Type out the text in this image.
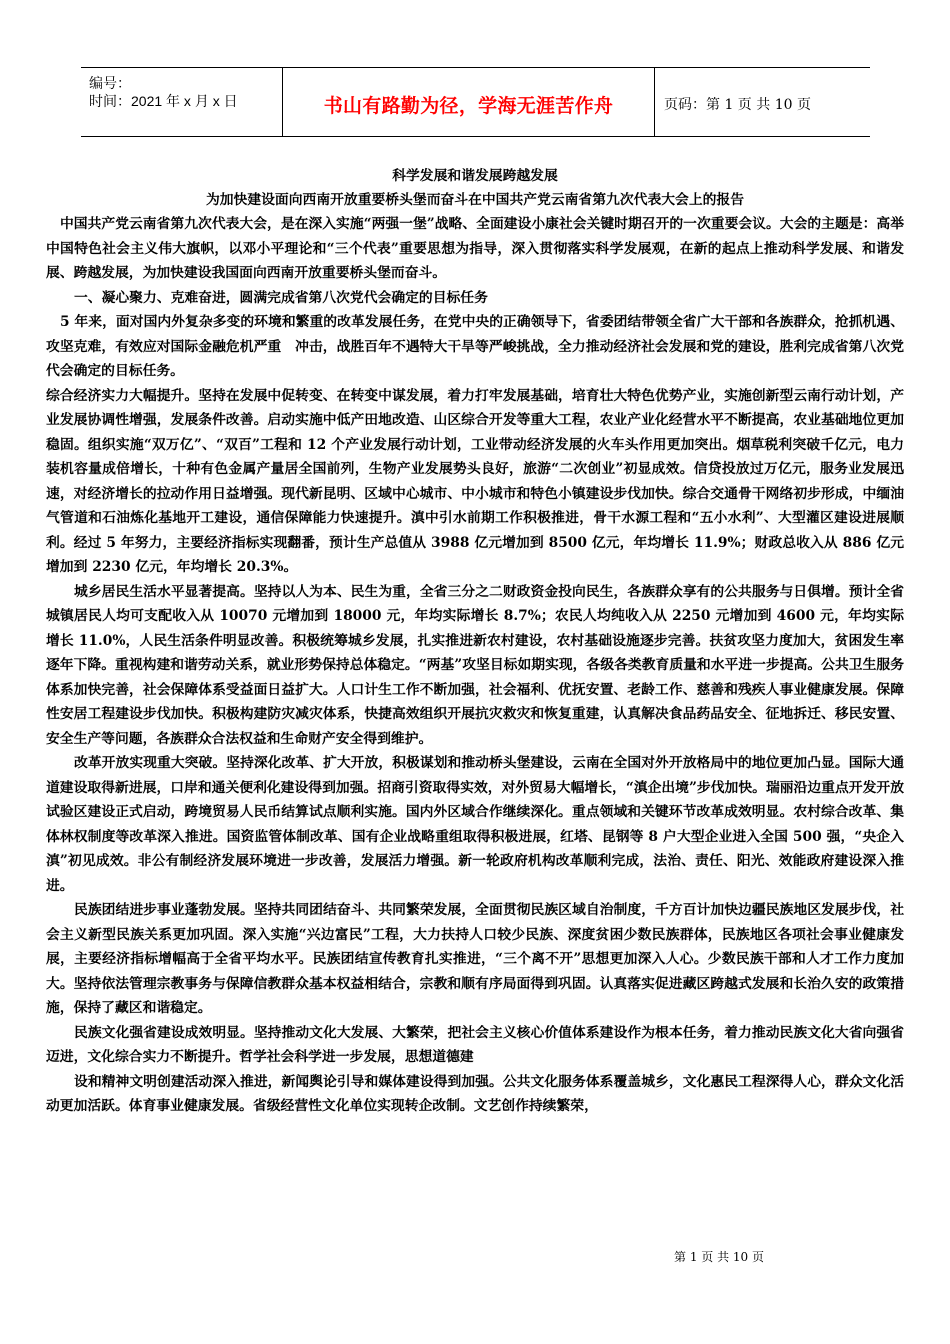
编号：
时间：2021 年 x 月 x 日	书山有路勤为径，学海无涯苦作舟	页码：第 1 页 共 10 页
科学发展和谐发展跨越发展
为加快建设面向西南开放重要桥头堡而奋斗在中国共产党云南省第九次代表大会上的报告

中国共产党云南省第九次代表大会，是在深入实施“两强一堡”战略、全面建设小康社会关键时期召开的一次重要会议。大会的主题是：高举中国特色社会主义伟大旗帜，以邓小平理论和“三个代表”重要思想为指导，深入贯彻落实科学发展观，在新的起点上推动科学发展、和谐发展、跨越发展，为加快建设我国面向西南开放重要桥头堡而奋斗。

一、凝心聚力、克难奋进，圆满完成省第八次党代会确定的目标任务

5 年来，面对国内外复杂多变的环境和繁重的改革发展任务，在党中央的正确领导下，省委团结带领全省广大干部和各族群众，抢抓机遇、攻坚克难，有效应对国际金融危机严重　冲击，战胜百年不遇特大干旱等严峻挑战，全力推动经济社会发展和党的建设，胜利完成省第八次党代会确定的目标任务。

综合经济实力大幅提升。坚持在发展中促转变、在转变中谋发展，着力打牢发展基础，培育壮大特色优势产业，实施创新型云南行动计划，产业发展协调性增强，发展条件改善。启动实施中低产田地改造、山区综合开发等重大工程，农业产业化经营水平不断提高，农业基础地位更加稳固。组织实施“双万亿”、“双百”工程和 12 个产业发展行动计划，工业带动经济发展的火车头作用更加突出。烟草税利突破千亿元，电力装机容量成倍增长，十种有色金属产量居全国前列，生物产业发展势头良好，旅游“二次创业”初显成效。信贷投放过万亿元，服务业发展迅速，对经济增长的拉动作用日益增强。现代新昆明、区域中心城市、中小城市和特色小镇建设步伐加快。综合交通骨干网络初步形成，中缅油气管道和石油炼化基地开工建设，通信保障能力快速提升。滇中引水前期工作积极推进，骨干水源工程和“五小水利”、大型灌区建设进展顺利。经过 5 年努力，主要经济指标实现翻番，预计生产总值从 3988 亿元增加到 8500 亿元，年均增长 11.9%；财政总收入从 886 亿元增加到 2230 亿元，年均增长 20.3%。

城乡居民生活水平显著提高。坚持以人为本、民生为重，全省三分之二财政资金投向民生，各族群众享有的公共服务与日俱增。预计全省城镇居民人均可支配收入从 10070 元增加到 18000 元，年均实际增长 8.7%；农民人均纯收入从 2250 元增加到 4600 元，年均实际增长 11.0%，人民生活条件明显改善。积极统筹城乡发展，扎实推进新农村建设，农村基础设施逐步完善。扶贫攻坚力度加大，贫困发生率逐年下降。重视构建和谐劳动关系，就业形势保持总体稳定。“两基”攻坚目标如期实现，各级各类教育质量和水平进一步提高。公共卫生服务体系加快完善，社会保障体系受益面日益扩大。人口计生工作不断加强，社会福利、优抚安置、老龄工作、慈善和残疾人事业健康发展。保障性安居工程建设步伐加快。积极构建防灾减灾体系，快捷高效组织开展抗灾救灾和恢复重建，认真解决食品药品安全、征地拆迁、移民安置、安全生产等问题，各族群众合法权益和生命财产安全得到维护。

改革开放实现重大突破。坚持深化改革、扩大开放，积极谋划和推动桥头堡建设，云南在全国对外开放格局中的地位更加凸显。国际大通道建设取得新进展，口岸和通关便利化建设得到加强。招商引资取得实效，对外贸易大幅增长，“滇企出境”步伐加快。瑞丽沿边重点开发开放试验区建设正式启动，跨境贸易人民币结算试点顺利实施。国内外区域合作继续深化。重点领域和关键环节改革成效明显。农村综合改革、集体林权制度等改革深入推进。国资监管体制改革、国有企业战略重组取得积极进展，红塔、昆钢等 8 户大型企业进入全国 500 强，“央企入滇”初见成效。非公有制经济发展环境进一步改善，发展活力增强。新一轮政府机构改革顺利完成，法治、责任、阳光、效能政府建设深入推进。

民族团结进步事业蓬勃发展。坚持共同团结奋斗、共同繁荣发展，全面贯彻民族区域自治制度，千方百计加快边疆民族地区发展步伐，社会主义新型民族关系更加巩固。深入实施“兴边富民”工程，大力扶持人口较少民族、深度贫困少数民族群体，民族地区各项社会事业健康发展，主要经济指标增幅高于全省平均水平。民族团结宣传教育扎实推进，“三个离不开”思想更加深入人心。少数民族干部和人才工作力度加大。坚持依法管理宗教事务与保障信教群众基本权益相结合，宗教和顺有序局面得到巩固。认真落实促进藏区跨越式发展和长治久安的政策措施，保持了藏区和谐稳定。

民族文化强省建设成效明显。坚持推动文化大发展、大繁荣，把社会主义核心价值体系建设作为根本任务，着力推动民族文化大省向强省迈进，文化综合实力不断提升。哲学社会科学进一步发展，思想道德建

设和精神文明创建活动深入推进，新闻舆论引导和媒体建设得到加强。公共文化服务体系覆盖城乡，文化惠民工程深得人心，群众文化活动更加活跃。体育事业健康发展。省级经营性文化单位实现转企改制。文艺创作持续繁荣，

第 1 页 共 10 页
